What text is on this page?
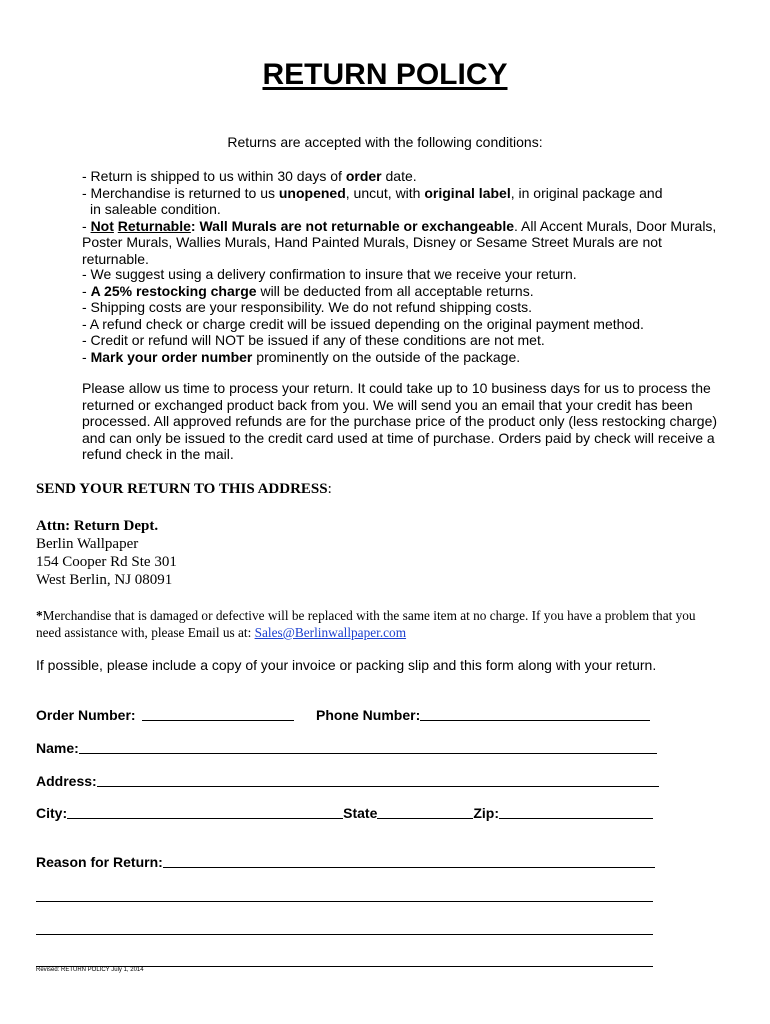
RETURN POLICY
Returns are accepted with the following conditions:

- Return is shipped to us within 30 days of order date.

- Merchandise is returned to us unopened, uncut, with original label, in original package and

in saleable condition.

- Not Returnable: Wall Murals are not returnable or exchangeable. All Accent Murals, Door Murals,

Poster Murals, Wallies Murals, Hand Painted Murals, Disney or Sesame Street Murals are not returnable.

- We suggest using a delivery confirmation to insure that we receive your return.

- A 25% restocking charge will be deducted from all acceptable returns.

- Shipping costs are your responsibility. We do not refund shipping costs.

- A refund check or charge credit will be issued depending on the original payment method.

- Credit or refund will NOT be issued if any of these conditions are not met.

- Mark your order number prominently on the outside of the package.

Please allow us time to process your return. It could take up to 10 business days for us to process the

returned or exchanged product back from you. We will send you an email that your credit has been

processed. All approved refunds are for the purchase price of the product only (less restocking charge)

and can only be issued to the credit card used at time of purchase. Orders paid by check will receive a

refund check in the mail.

SEND YOUR RETURN TO THIS ADDRESS:
Attn: Return Dept.
Berlin Wallpaper
154 Cooper Rd Ste 301
West Berlin, NJ 08091
*Merchandise that is damaged or defective will be replaced with the same item at no charge. If you have a problem that you
need assistance with, please Email us at: Sales@Berlinwallpaper.com
If possible, please include a copy of your invoice or packing slip and this form along with your return.
Order Number:	Phone Number:
Name:
Address:
City:	State	Zip:
Reason for Return:
Revised: RETURN POLICY July 1, 2014
